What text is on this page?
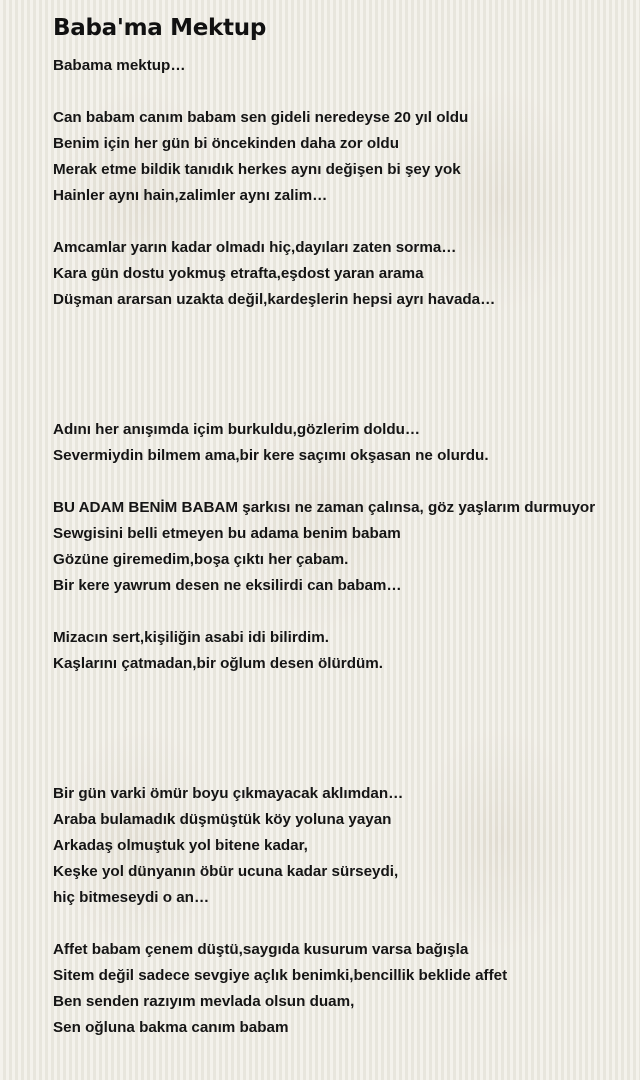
Baba'ma Mektup
Babama mektup…
Can babam canım babam sen gideli neredeyse 20 yıl oldu
Benim için her gün bi öncekinden daha zor oldu
Merak etme bildik tanıdık herkes aynı değişen bi şey yok
Hainler aynı hain,zalimler aynı zalim…
Amcamlar yarın kadar olmadı hiç,dayıları zaten sorma…
Kara gün dostu yokmuş etrafta,eşdost yaran arama
Düşman ararsan uzakta değil,kardeşlerin hepsi ayrı havada…
Adını her anışımda içim burkuldu,gözlerim doldu…
Severmiydin bilmem ama,bir kere saçımı okşasan ne olurdu.
BU ADAM BENİM BABAM şarkısı ne zaman çalınsa, göz yaşlarım durmuyor
Sewgisini belli etmeyen bu adama benim babam
Gözüne giremedim,boşa çıktı her çabam.
Bir kere yawrum desen ne eksilirdi can babam…
Mizacın sert,kişiliğin asabi idi bilirdim.
Kaşlarını çatmadan,bir oğlum desen ölürdüm.
Bir gün varki ömür boyu çıkmayacak aklımdan…
Araba bulamadık düşmüştük köy yoluna yayan
Arkadaş olmuştuk yol bitene kadar,
Keşke yol dünyanın öbür ucuna kadar sürseydi,
hiç bitmeseydi o an…
Affet babam çenem düştü,saygıda kusurum varsa bağışla
Sitem değil sadece sevgiye açlık benimki,bencillik beklide affet
Ben senden razıyım mevlada olsun duam,
Sen oğluna bakma canım babam
